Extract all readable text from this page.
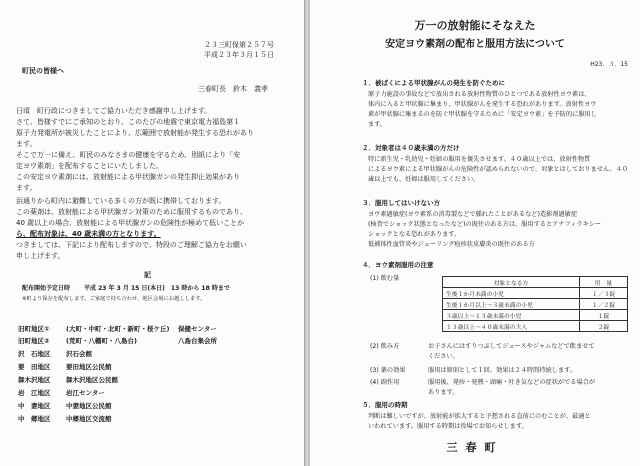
２３三町保第２５７号
平成２３年３月１５日
町民の皆様へ
三春町長　鈴木　義孝
日頃　町行政につきましてご協力いただき感謝申し上げます。
さて、皆様すでにご承知のとおり、このたびの地震で東京電力福島第１
原子力発電所が被災したことにより、広範囲で放射能が発生する恐れがあり
ます。
そこで万一に備え、町民のみなさまの健康を守るため、別紙により「安
定ヨウ素剤」を配布することにいたしました。
この安定ヨウ素剤には、放射能による甲状腺ガンの発生抑止効果があり
ます。
浜通りから町内に避難している多くの方が既に携帯しております。
この薬剤は、放射能による甲状腺ガン対策のために服用するものであり、
40 歳以上の場合、放射能による甲状腺ガンの危険性が極めて低いことか
ら、配布対象は、40 歳未満の方となります。
つきましては、下記により配布しますので、特段のご理解ご協力をお願い
申し上げます。
記
配布開始予定日時 平成 23 年 3 月 15 日(本日)　13 時から 18 時まで
※町より保存を配布します。ご家庭で持ち合わせ、地区会場にお越しします。
旧町地区①	(大町・中町・北町・新町・桜ケ丘) 保健センター
旧町地区②	(荒町・八幡町・八島台)	八島台集会所
沢　石地区 沢石会館
要　田地区 要田地区公民館
御木沢地区 御木沢地区公民館
岩　江地区 岩江センター
中　妻地区 中妻地区公民館
中　郷地区 中郷地区交流館
万一の放射能にそなえた
安定ヨウ素剤の配布と服用方法について
H23．３．15
１．被ばくによる甲状腺がんの発生を防ぐために
原子力施設の事故などで放出される放射性物質のひとつである放射性ヨウ素は、
体内に入ると甲状腺に集まり、甲状腺がんを発生する恐れがあります。放射性ヨウ
素が甲状腺に集まるのを防ぐ甲状腺を守るために「安定ヨウ素」を予防的に服用し
ます。
２．対象者は４０歳未満の方だけ
特に新生児・乳幼児・妊婦の服用を優先させます。４０歳以上では、放射性物質
によるヨウ素による甲状腺がんの危険性が認められないので、対象とはしておりません。４０
歳以上でも、妊婦は服用してください。
３．服用してはいけない方
ヨウ素過敏症(ヨウ素系の消毒製などで腫れたことがあるなど)造影剤過敏症
(検査でショック状態となったなど)の既往のある方は、服用するとアナフィラキシー
ショックとなる恐れがあります。
低補体性血管炎やジューリング疱疹状皮膚炎の既往のある方
４．ヨウ素剤服用の注意
(1) 飲む量
対象となる方	用　量
生後１か月未満の小児	１／３錠
生後１か月以上～３歳未満の小児	１／２錠
３歳以上～１３歳未満の小児	１錠
１３歳以上～４０歳未満の大人	２錠
(2) 飲み方	お子さんにはすりつぶしてジュースやジャムなどで飲ませて
ください。
(3) 薬の効果	服用は原則として１回。効果は２４時間持続します。
(4) 副作用	服用後、発疹・発熱・頭痛・吐き気などの症状がでる場合が
あります。
５．服用の時期
判断は難しいですが、放射能が拡大すると予想される直前にのむことが、最適と
いわれています。服用する時期は役場でお知らせします。
三春町
